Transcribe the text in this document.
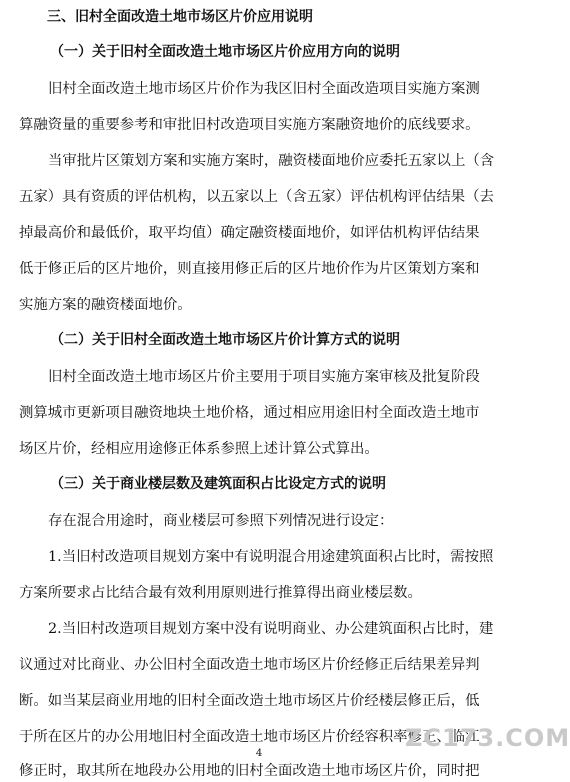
三、旧村全面改造土地市场区片价应用说明
（一）关于旧村全面改造土地市场区片价应用方向的说明
旧村全面改造土地市场区片价作为我区旧村全面改造项目实施方案测
算融资量的重要参考和审批旧村改造项目实施方案融资地价的底线要求。
当审批片区策划方案和实施方案时，融资楼面地价应委托五家以上（含
五家）具有资质的评估机构，以五家以上（含五家）评估机构评估结果（去
掉最高价和最低价，取平均值）确定融资楼面地价，如评估机构评估结果
低于修正后的区片地价，则直接用修正后的区片地价作为片区策划方案和
实施方案的融资楼面地价。
（二）关于旧村全面改造土地市场区片价计算方式的说明
旧村全面改造土地市场区片价主要用于项目实施方案审核及批复阶段
测算城市更新项目融资地块土地价格，通过相应用途旧村全面改造土地市
场区片价，经相应用途修正体系参照上述计算公式算出。
（三）关于商业楼层数及建筑面积占比设定方式的说明
存在混合用途时，商业楼层可参照下列情况进行设定：
1.当旧村改造项目规划方案中有说明混合用途建筑面积占比时，需按照
方案所要求占比结合最有效利用原则进行推算得出商业楼层数。
2.当旧村改造项目规划方案中没有说明商业、办公建筑面积占比时，建
议通过对比商业、办公旧村全面改造土地市场区片价经修正后结果差异判
断。如当某层商业用地的旧村全面改造土地市场区片价经楼层修正后，低
于所在区片的办公用地旧村全面改造土地市场区片价经容积率修正、临江
修正时，取其所在地段办公用地的旧村全面改造土地市场区片价，同时把
4
ZC173.COM
